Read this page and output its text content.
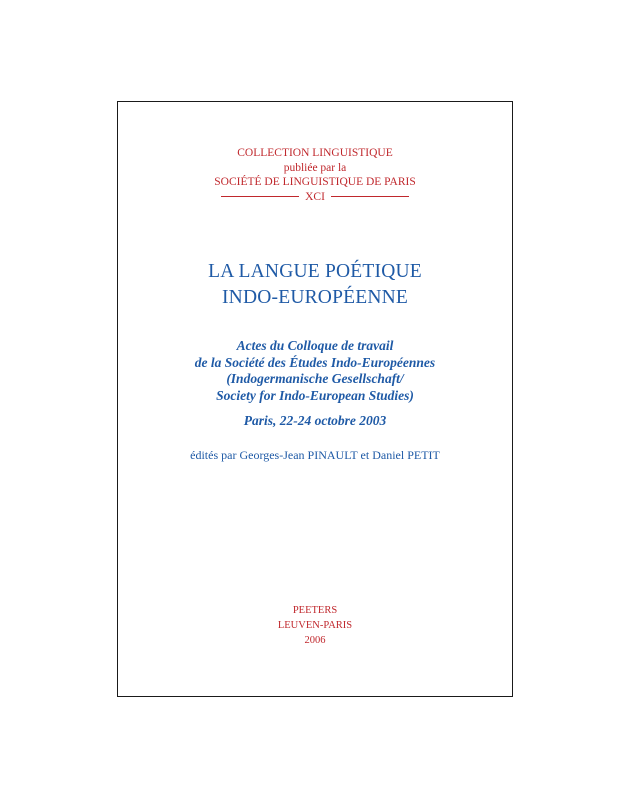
COLLECTION LINGUISTIQUE
publiée par la
SOCIÉTÉ DE LINGUISTIQUE DE PARIS
XCI
LA LANGUE POÉTIQUE
INDO-EUROPÉENNE
Actes du Colloque de travail
de la Société des Études Indo-Européennes
(Indogermanische Gesellschaft/
Society for Indo-European Studies)
Paris, 22-24 octobre 2003
édités par Georges-Jean PINAULT et Daniel PETIT
PEETERS
LEUVEN-PARIS
2006
